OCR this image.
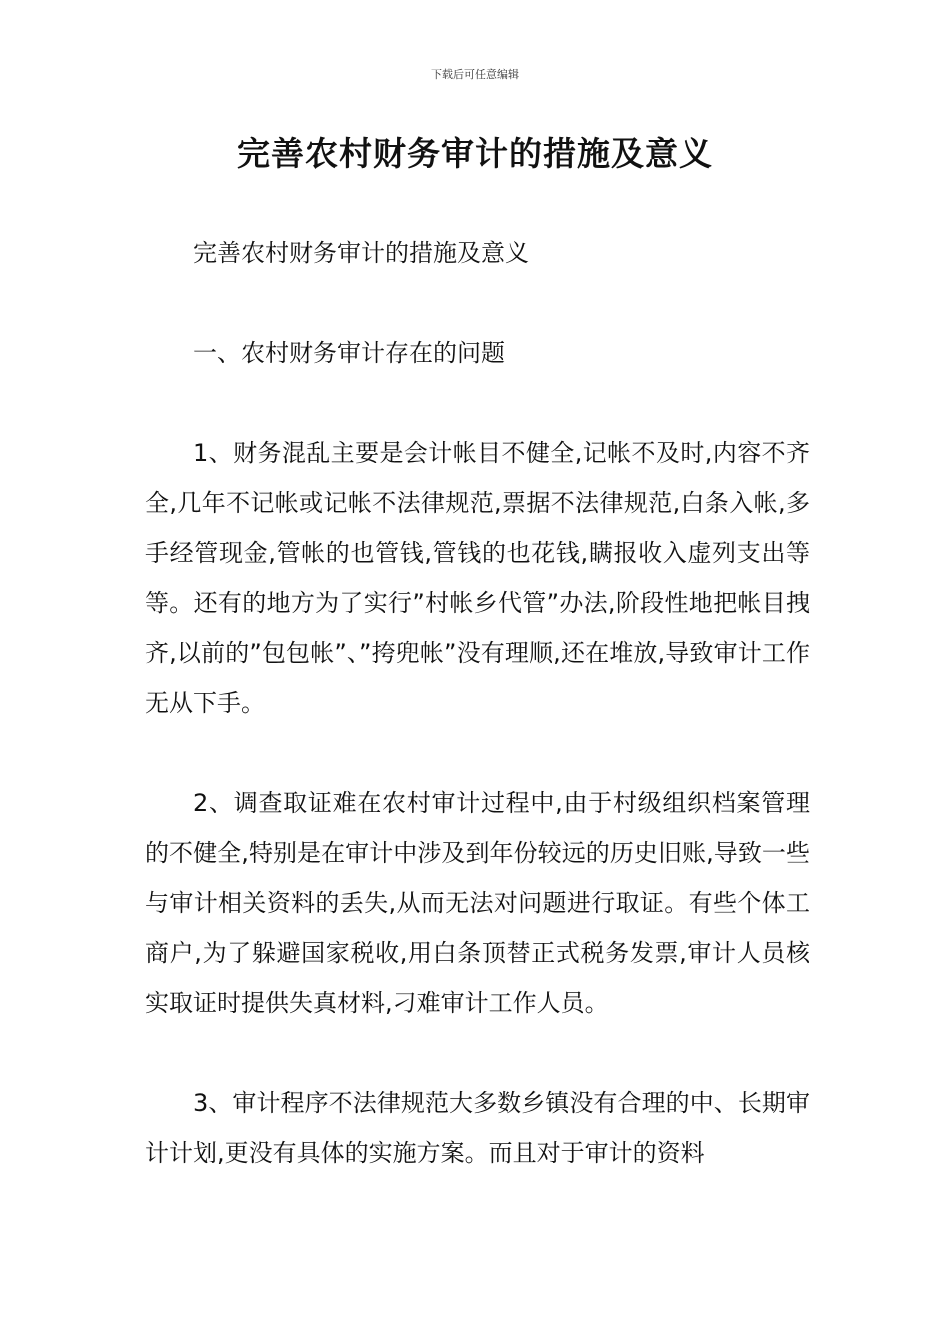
下载后可任意编辑
完善农村财务审计的措施及意义

完善农村财务审计的措施及意义

一、农村财务审计存在的问题

1、财务混乱主要是会计帐目不健全,记帐不及时,内容不齐全,几年不记帐或记帐不法律规范,票据不法律规范,白条入帐,多手经管现金,管帐的也管钱,管钱的也花钱,瞒报收入虚列支出等等。还有的地方为了实行”村帐乡代管”办法,阶段性地把帐目拽齐,以前的”包包帐”、”挎兜帐”没有理顺,还在堆放,导致审计工作无从下手。

2、调查取证难在农村审计过程中,由于村级组织档案管理的不健全,特别是在审计中涉及到年份较远的历史旧账,导致一些与审计相关资料的丢失,从而无法对问题进行取证。有些个体工商户,为了躲避国家税收,用白条顶替正式税务发票,审计人员核实取证时提供失真材料,刁难审计工作人员。

3、审计程序不法律规范大多数乡镇没有合理的中、长期审计计划,更没有具体的实施方案。而且对于审计的资料
